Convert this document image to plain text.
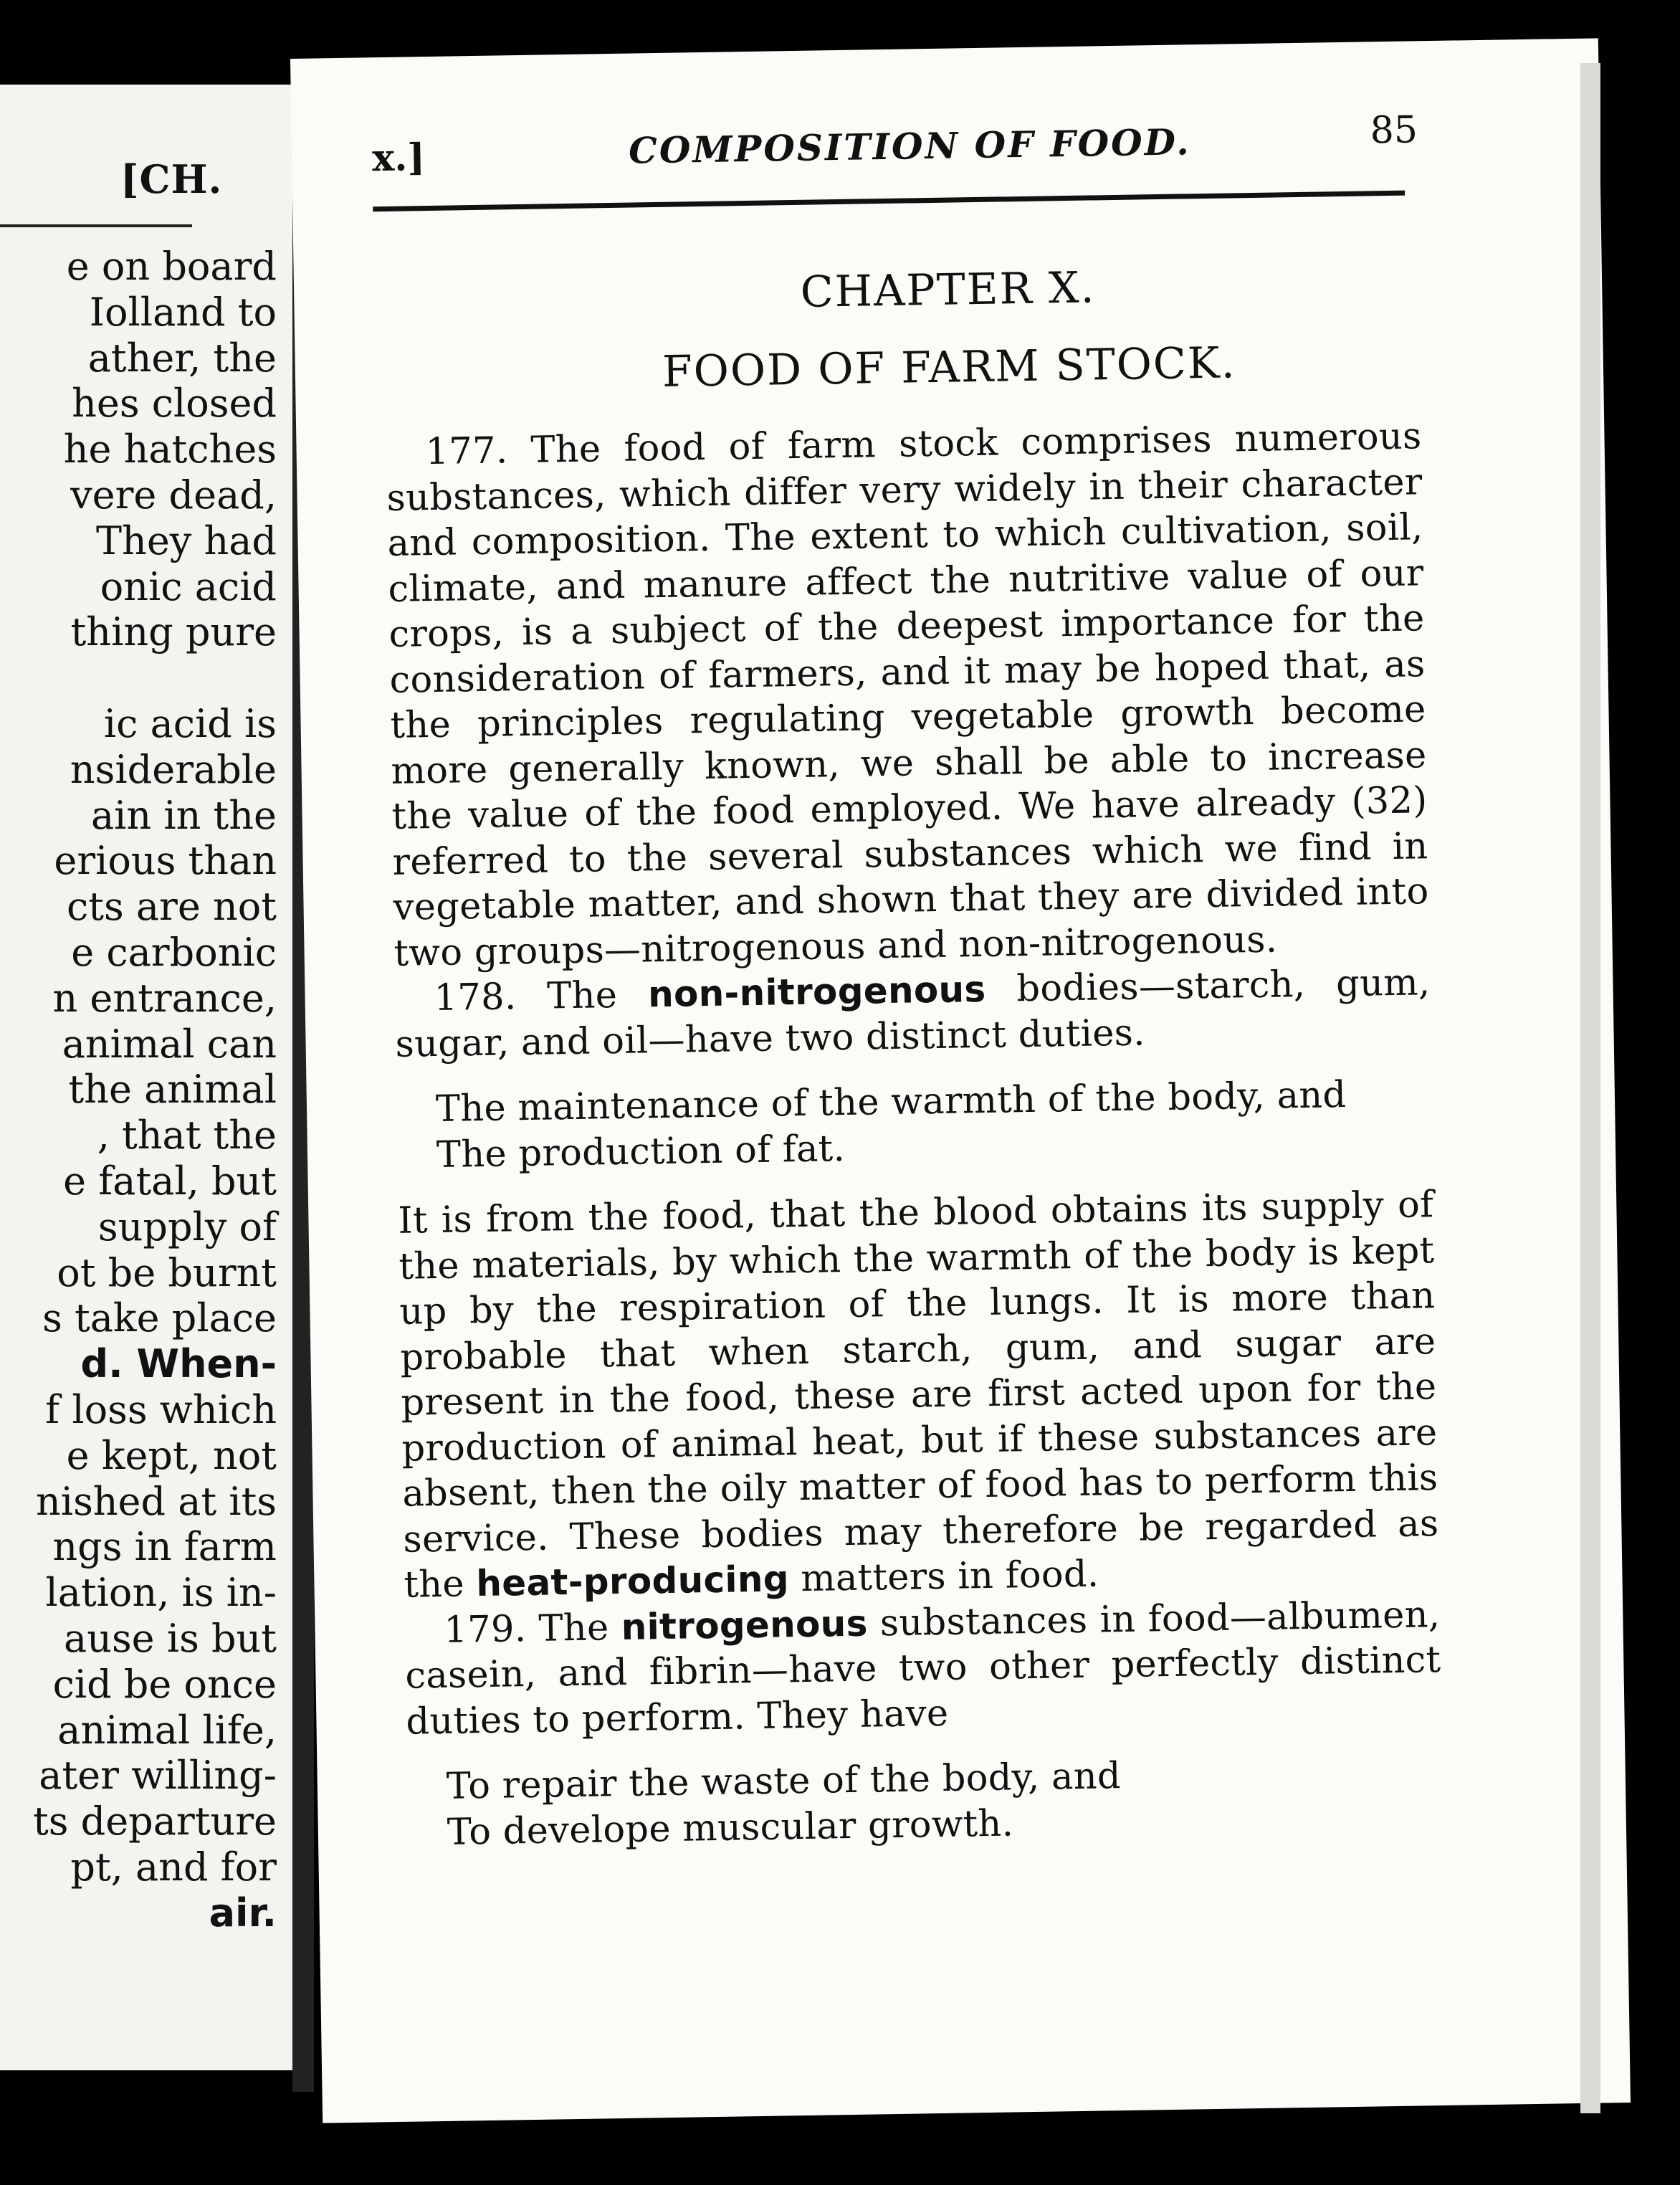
[CH.
e on board
Iolland to
ather, the
hes closed
he hatches
vere dead,
They had
onic acid
thing pure
ic acid is
nsiderable
ain in the
erious than
cts are not
e carbonic
n entrance,
animal can
the animal
, that the
e fatal, but
supply of
ot be burnt
s take place
d. When-
f loss which
e kept, not
nished at its
ngs in farm
lation, is in-
ause is but
cid be once
animal life,
ater willing-
ts departure
pt, and for
air.
x.]	COMPOSITION OF FOOD.	85
CHAPTER X.
FOOD OF FARM STOCK.

177. The food of farm stock comprises numerous substances, which differ very widely in their character and composition. The extent to which cultivation, soil, climate, and manure affect the nutritive value of our crops, is a subject of the deepest importance for the consideration of farmers, and it may be hoped that, as the principles regulating vegetable growth become more generally known, we shall be able to increase the value of the food employed. We have already (32) referred to the several substances which we find in vegetable matter, and shown that they are divided into two groups—nitrogenous and non-nitrogenous.

178. The non-nitrogenous bodies—starch, gum, sugar, and oil—have two distinct duties.

The maintenance of the warmth of the body, and
The production of fat.

It is from the food, that the blood obtains its supply of the materials, by which the warmth of the body is kept up by the respiration of the lungs. It is more than probable that when starch, gum, and sugar are present in the food, these are first acted upon for the production of animal heat, but if these substances are absent, then the oily matter of food has to perform this service. These bodies may therefore be regarded as the heat-producing matters in food.

179. The nitrogenous substances in food—albumen, casein, and fibrin—have two other perfectly distinct duties to perform. They have

To repair the waste of the body, and
To develope muscular growth.
